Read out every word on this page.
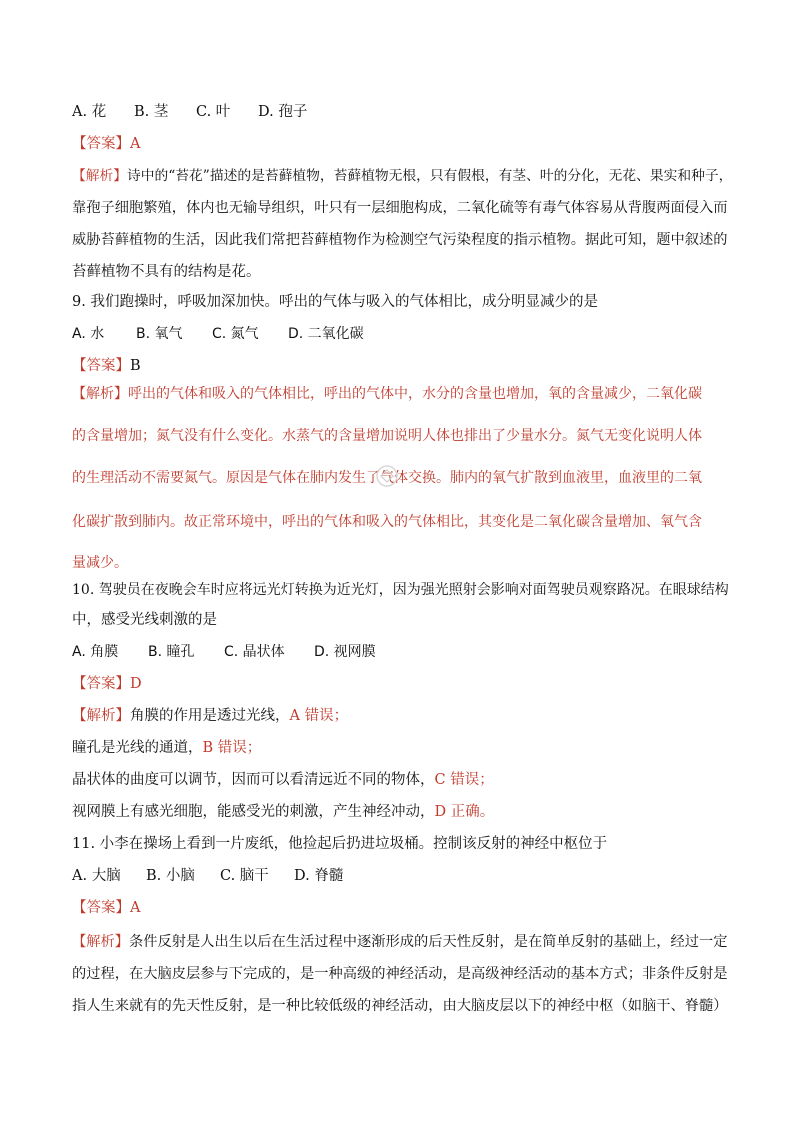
A. 花 B. 茎 C. 叶 D. 孢子
【答案】A
【解析】诗中的“苔花”描述的是苔藓植物，苔藓植物无根，只有假根，有茎、叶的分化，无花、果实和种子，
靠孢子细胞繁殖，体内也无输导组织，叶只有一层细胞构成，二氧化硫等有毒气体容易从背腹两面侵入而
威胁苔藓植物的生活，因此我们常把苔藓植物作为检测空气污染程度的指示植物。据此可知，题中叙述的
苔藓植物不具有的结构是花。
9. 我们跑操时，呼吸加深加快。呼出的气体与吸入的气体相比，成分明显减少的是
A. 水 B. 氧气 C. 氮气 D. 二氧化碳
【答案】B
【解析】呼出的气体和吸入的气体相比，呼出的气体中，水分的含量也增加，氧的含量减少，二氧化碳
的含量增加；氮气没有什么变化。水蒸气的含量增加说明人体也排出了少量水分。氮气无变化说明人体
的生理活动不需要氮气。原因是气体在肺内发生了气体交换。肺内的氧气扩散到血液里，血液里的二氧
化碳扩散到肺内。故正常环境中，呼出的气体和吸入的气体相比，其变化是二氧化碳含量增加、氧气含
量减少。
10. 驾驶员在夜晚会车时应将远光灯转换为近光灯，因为强光照射会影响对面驾驶员观察路况。在眼球结构
中，感受光线刺激的是
A. 角膜 B. 瞳孔 C. 晶状体 D. 视网膜
【答案】D
【解析】角膜的作用是透过光线，A 错误；
瞳孔是光线的通道，B 错误；
晶状体的曲度可以调节，因而可以看清远近不同的物体，C 错误；
视网膜上有感光细胞，能感受光的刺激，产生神经冲动，D 正确。
11. 小李在操场上看到一片废纸，他捡起后扔进垃圾桶。控制该反射的神经中枢位于
A. 大脑 B. 小脑 C. 脑干 D. 脊髓
【答案】A
【解析】条件反射是人出生以后在生活过程中逐渐形成的后天性反射，是在简单反射的基础上，经过一定
的过程，在大脑皮层参与下完成的，是一种高级的神经活动，是高级神经活动的基本方式；非条件反射是
指人生来就有的先天性反射，是一种比较低级的神经活动，由大脑皮层以下的神经中枢（如脑干、脊髓）
